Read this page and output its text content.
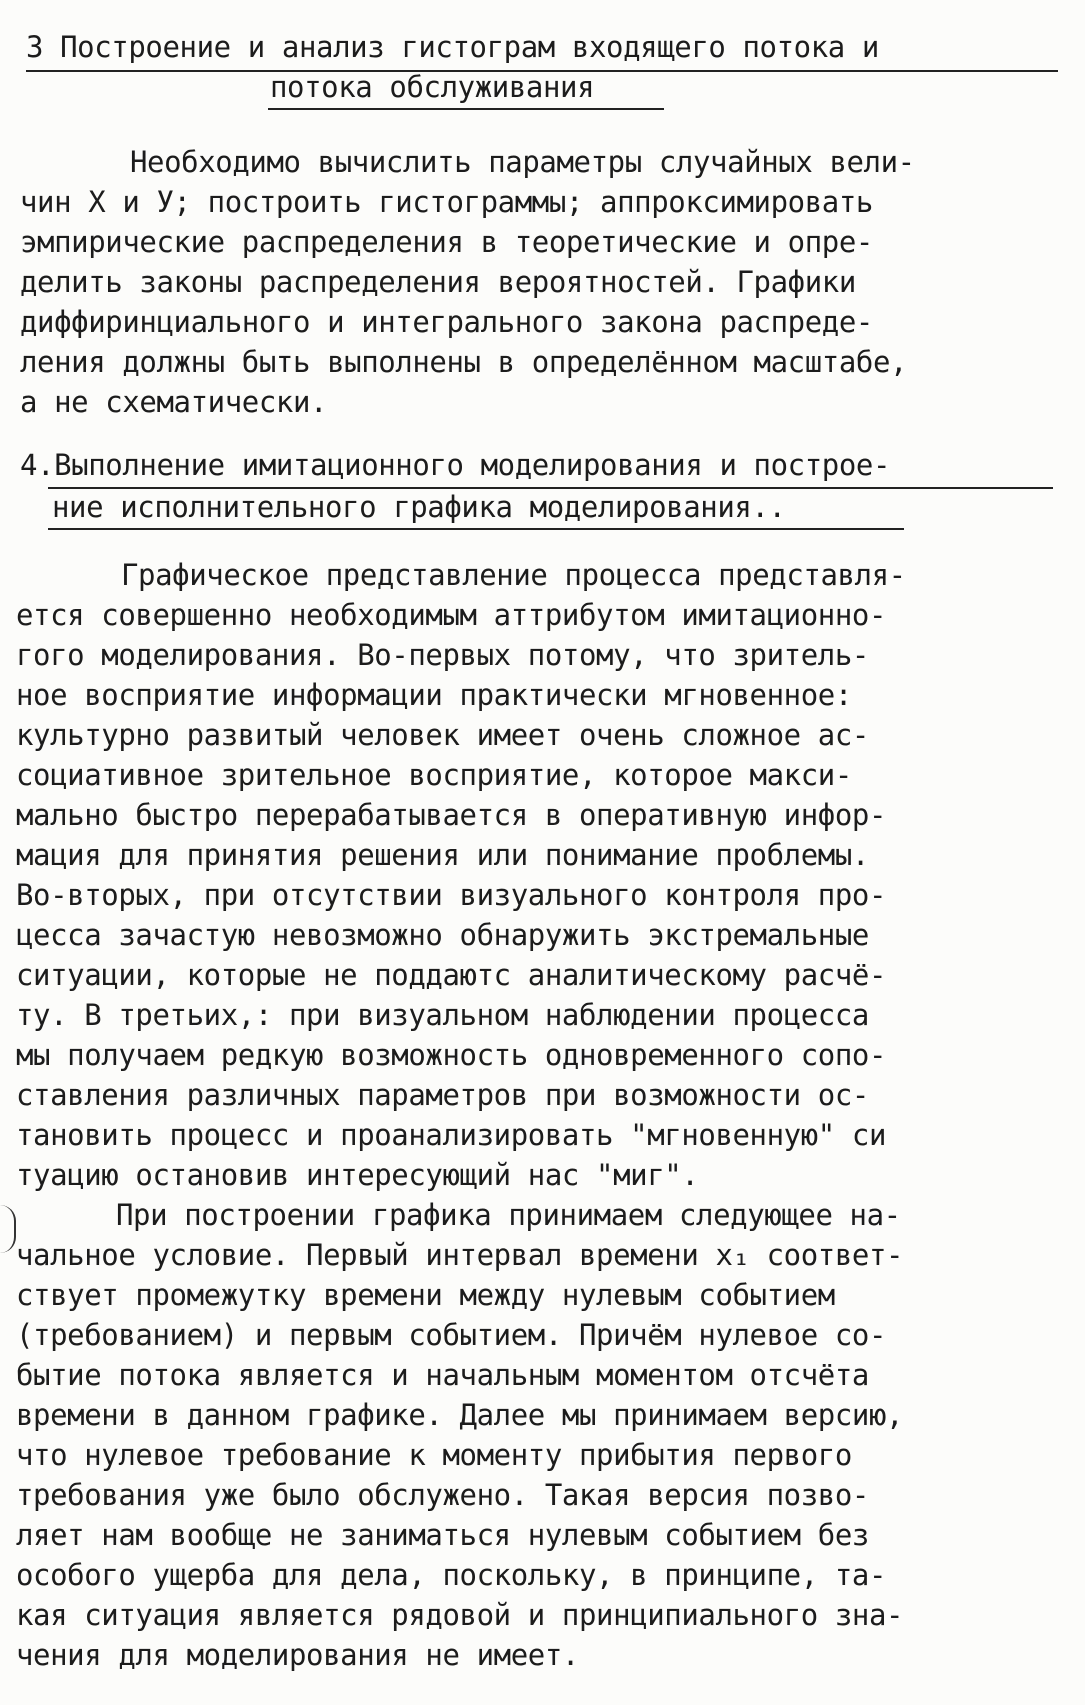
3 Построение и анализ гистограм входящего потока и
потока обслуживания
Необходимо вычислить параметры случайных вели-
чин X и У; построить гистограммы; аппроксимировать
эмпирические распределения в теоретические и опре-
делить законы распределения вероятностей. Графики
диффиринциального и интегрального закона распреде-
ления должны быть выполнены в определённом масштабе,
а не схематически.
4.Выполнение имитационного моделирования и построе-
ние исполнительного графика моделирования..
Графическое представление процесса представля-
ется совершенно необходимым аттрибутом имитационно-
гого моделирования. Во-первых потому, что зритель-
ное восприятие информации практически мгновенное:
культурно развитый человек имеет очень сложное ас-
социативное зрительное восприятие, которое макси-
мально быстро перерабатывается в оперативную инфор-
мация для принятия решения или понимание проблемы.
Во-вторых, при отсутствии визуального контроля про-
цесса зачастую невозможно обнаружить экстремальные
ситуации, которые не поддаютс аналитическому расчё-
ту. В третьих,: при визуальном наблюдении процесса
мы получаем редкую возможность одновременного сопо-
ставления различных параметров при возможности ос-
тановить процесс и проанализировать "мгновенную" си
туацию остановив интересующий нас "миг".
При построении графика принимаем следующее на-
чальное условие. Первый интервал времени x₁ соответ-
ствует промежутку времени между нулевым событием
(требованием) и первым событием. Причём нулевое со-
бытие потока является и начальным моментом отсчёта
времени в данном графике. Далее мы принимаем версию,
что нулевое требование к моменту прибытия первого
требования уже было обслужено. Такая версия позво-
ляет нам вообще не заниматься нулевым событием без
особого ущерба для дела, поскольку, в принципе, та-
кая ситуация является рядовой и принципиального зна-
чения для моделирования не имеет.
